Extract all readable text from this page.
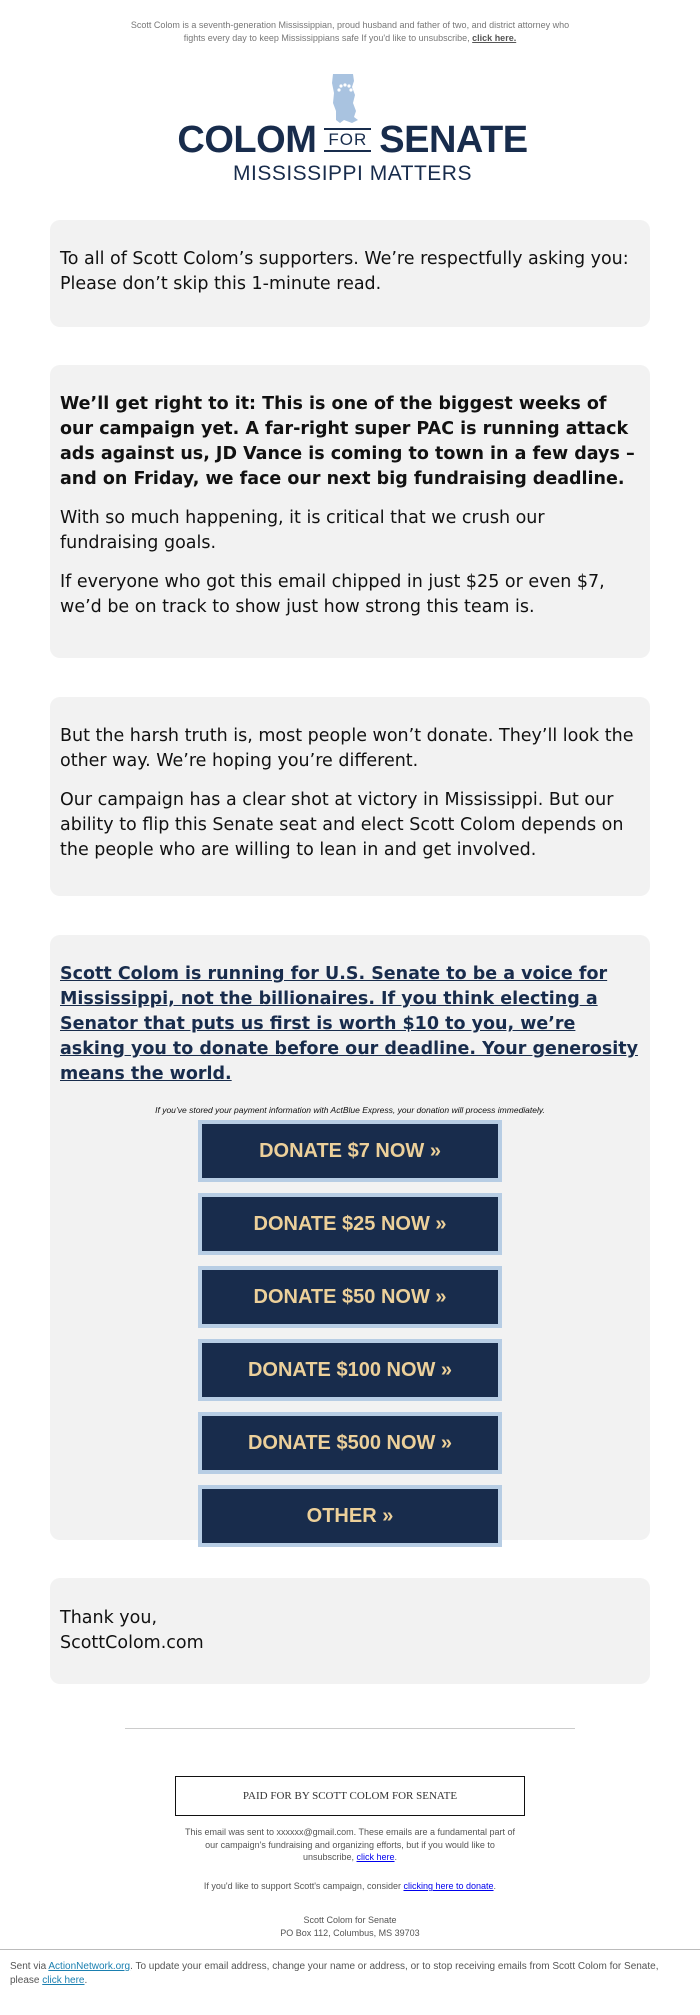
Scott Colom is a seventh-generation Mississippian, proud husband and father of two, and district attorney who fights every day to keep Mississippians safe If you'd like to unsubscribe, click here.
COLOM FOR SENATE
MISSISSIPPI MATTERS

To all of Scott Colom’s supporters. We’re respectfully asking you: Please don’t skip this 1-minute read.

We’ll get right to it: This is one of the biggest weeks of our campaign yet. A far-right super PAC is running attack ads against us, JD Vance is coming to town in a few days – and on Friday, we face our next big fundraising deadline.

With so much happening, it is critical that we crush our fundraising goals.

If everyone who got this email chipped in just $25 or even $7, we’d be on track to show just how strong this team is.

But the harsh truth is, most people won’t donate. They’ll look the other way. We’re hoping you’re different.

Our campaign has a clear shot at victory in Mississippi. But our ability to flip this Senate seat and elect Scott Colom depends on the people who are willing to lean in and get involved.

Scott Colom is running for U.S. Senate to be a voice for Mississippi, not the billionaires. If you think electing a Senator that puts us first is worth $10 to you, we’re asking you to donate before our deadline. Your generosity means the world.

If you’ve stored your payment information with ActBlue Express, your donation will process immediately.
DONATE $7 NOW »
DONATE $25 NOW »
DONATE $50 NOW »
DONATE $100 NOW »
DONATE $500 NOW »
OTHER »

Thank you,

ScottColom.com

PAID FOR BY SCOTT COLOM FOR SENATE
This email was sent to xxxxxx@gmail.com. These emails are a fundamental part of our campaign's fundraising and organizing efforts, but if you would like to unsubscribe, click here.
If you'd like to support Scott's campaign, consider clicking here to donate.
Scott Colom for Senate
PO Box 112, Columbus, MS 39703
Sent via ActionNetwork.org. To update your email address, change your name or address, or to stop receiving emails from Scott Colom for Senate, please click here.
